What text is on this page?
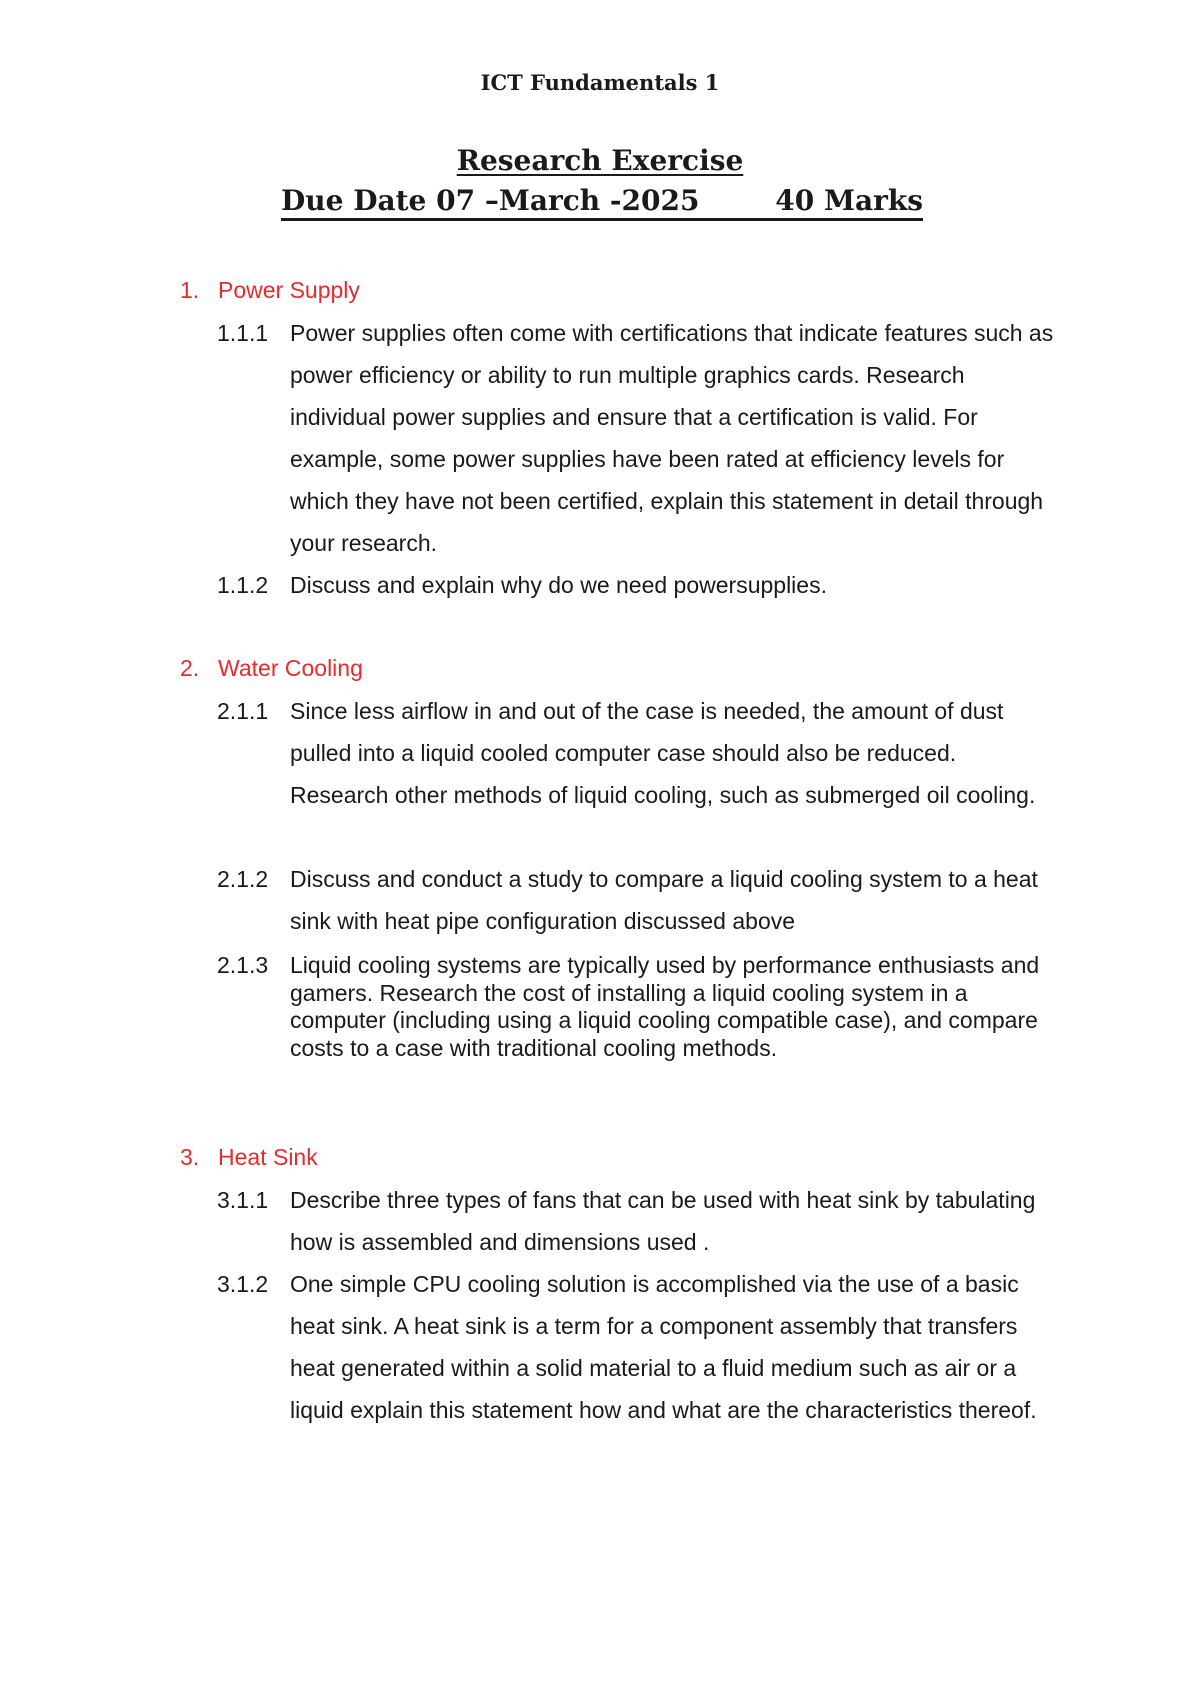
ICT Fundamentals 1
Research Exercise
Due Date 07 –March -2025	40 Marks
1. Power Supply
1.1.1 Power supplies often come with certifications that indicate features such as power efficiency or ability to run multiple graphics cards. Research individual power supplies and ensure that a certification is valid. For example, some power supplies have been rated at efficiency levels for which they have not been certified, explain this statement in detail through your research.
1.1.2 Discuss and explain why do we need powersupplies.
2. Water Cooling
2.1.1 Since less airflow in and out of the case is needed, the amount of dust pulled into a liquid cooled computer case should also be reduced. Research other methods of liquid cooling, such as submerged oil cooling.
2.1.2 Discuss and conduct a study to compare a liquid cooling system to a heat sink with heat pipe configuration discussed above
2.1.3 Liquid cooling systems are typically used by performance enthusiasts and gamers. Research the cost of installing a liquid cooling system in a computer (including using a liquid cooling compatible case), and compare costs to a case with traditional cooling methods.
3. Heat Sink
3.1.1 Describe three types of fans that can be used with heat sink by tabulating how is assembled and dimensions used .
3.1.2 One simple CPU cooling solution is accomplished via the use of a basic heat sink. A heat sink is a term for a component assembly that transfers heat generated within a solid material to a fluid medium such as air or a liquid explain this statement how and what are the characteristics thereof.
